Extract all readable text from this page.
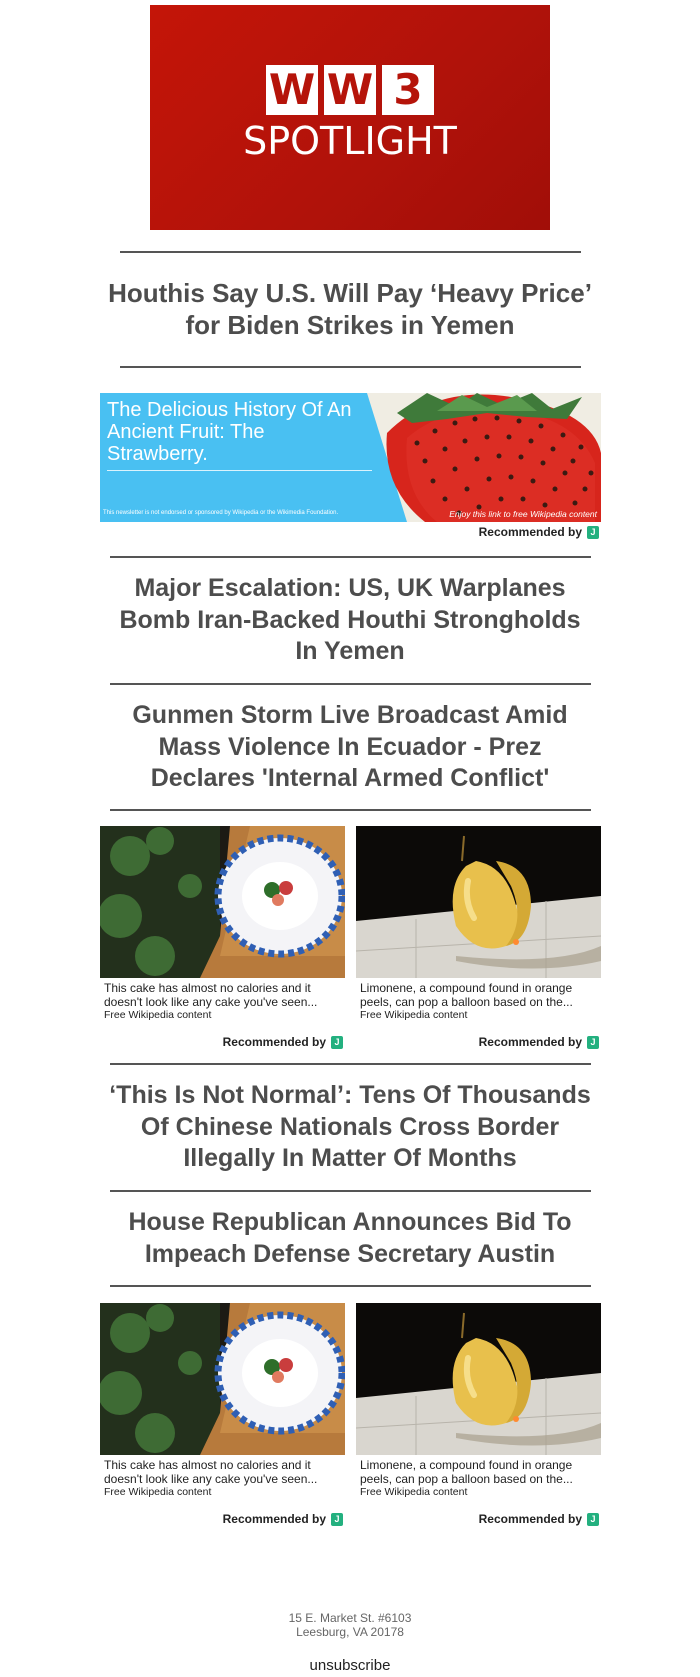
W W 3
SPOTLIGHT
Houthis Say U.S. Will Pay ‘Heavy Price’ for Biden Strikes in Yemen
The Delicious History Of An Ancient Fruit: The Strawberry.
This newsletter is not endorsed or sponsored by Wikipedia or the Wikimedia Foundation.	Enjoy this link to free Wikipedia content
Recommended by J
Major Escalation: US, UK Warplanes Bomb Iran-Backed Houthi Strongholds In Yemen
Gunmen Storm Live Broadcast Amid Mass Violence In Ecuador - Prez Declares 'Internal Armed Conflict'
This cake has almost no calories and it doesn't look like any cake you've seen...
Free Wikipedia content
Limonene, a compound found in orange peels, can pop a balloon based on the...
Free Wikipedia content
Recommended by J	Recommended by J
‘This Is Not Normal’: Tens Of Thousands Of Chinese Nationals Cross Border Illegally In Matter Of Months
House Republican Announces Bid To Impeach Defense Secretary Austin
This cake has almost no calories and it doesn't look like any cake you've seen...
Free Wikipedia content
Limonene, a compound found in orange peels, can pop a balloon based on the...
Free Wikipedia content
Recommended by J	Recommended by J
15 E. Market St. #6103
Leesburg, VA 20178
unsubscribe
